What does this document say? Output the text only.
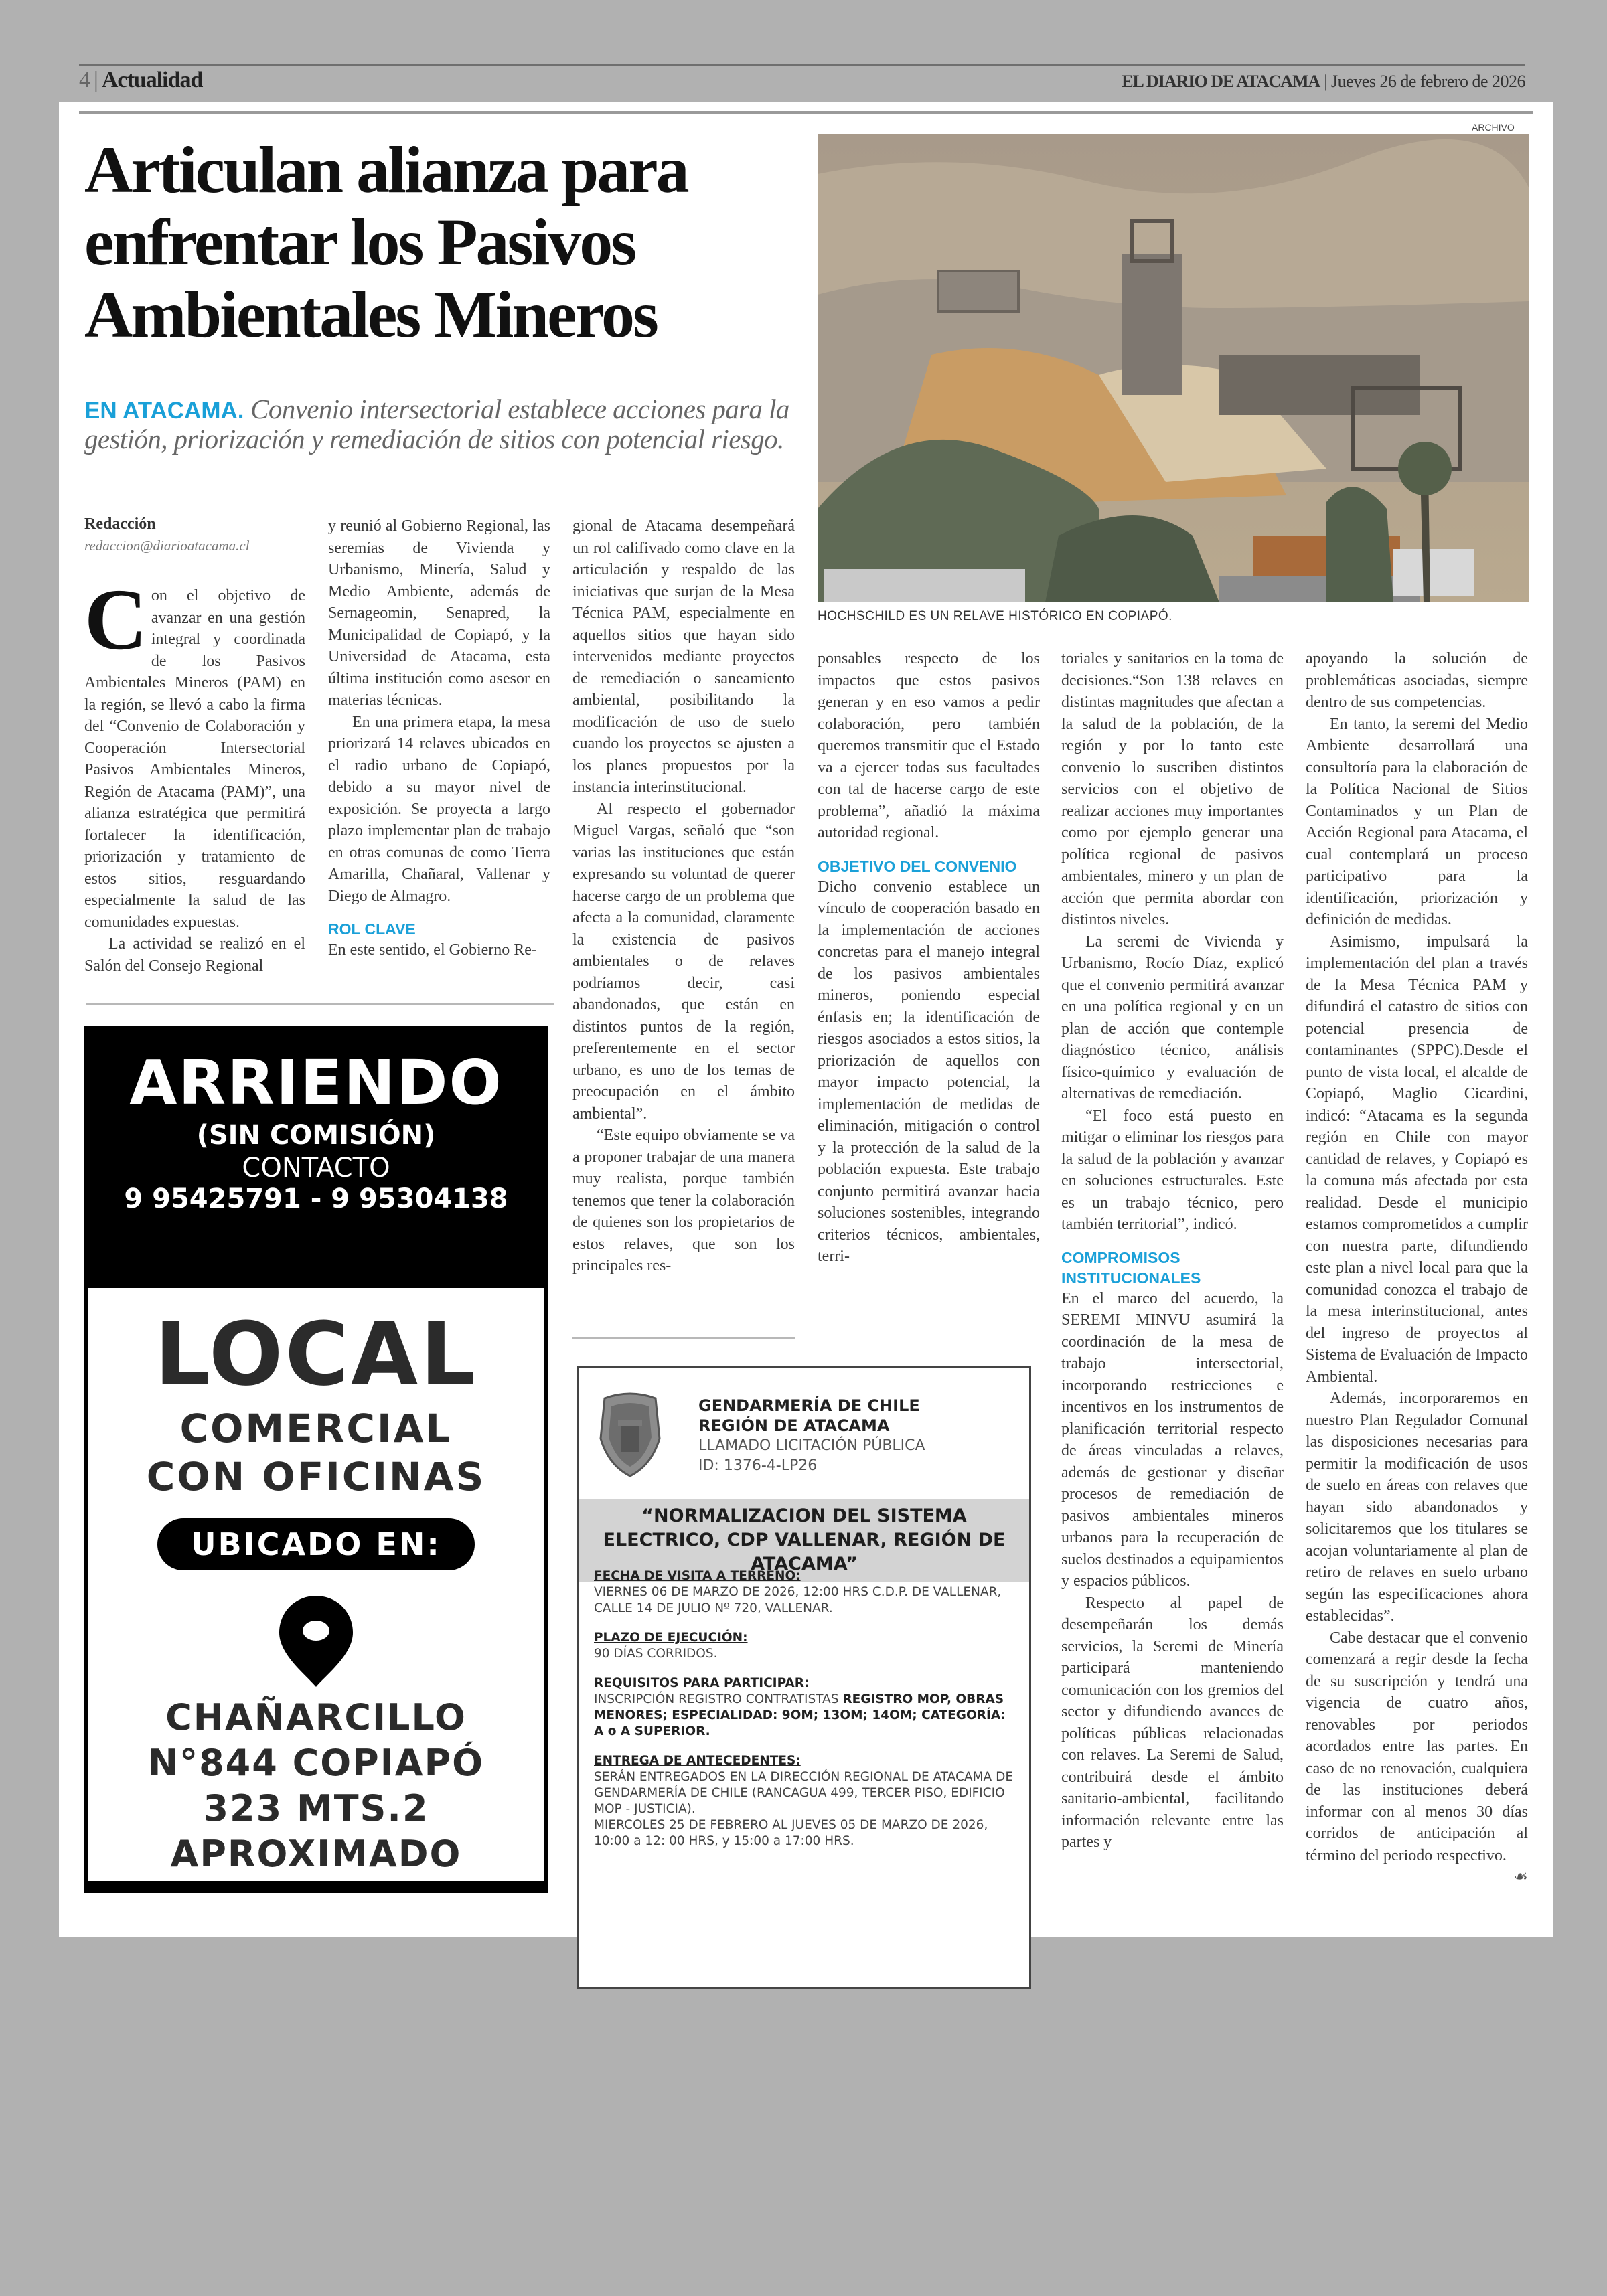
4 | Actualidad	EL DIARIO DE ATACAMA | Jueves 26 de febrero de 2026
Articulan alianza para enfrentar los Pasivos Ambientales Mineros
EN ATACAMA. Convenio intersectorial establece acciones para la gestión, priorización y remediación de sitios con potencial riesgo.
ARCHIVO
HOCHSCHILD ES UN RELAVE HISTÓRICO EN COPIAPÓ.
Redacción
redaccion@diarioatacama.cl

Con el objetivo de avanzar en una gestión integral y coordinada de los Pasivos Ambientales Mineros (PAM) en la región, se llevó a cabo la firma del “Convenio de Colaboración y Cooperación Intersectorial Pasivos Ambientales Mineros, Región de Atacama (PAM)”, una alianza estratégica que permitirá fortalecer la identificación, priorización y tratamiento de estos sitios, resguardando especialmente la salud de las comunidades expuestas.

La actividad se realizó en el Salón del Consejo Regional

y reunió al Gobierno Regional, las seremías de Vivienda y Urbanismo, Minería, Salud y Medio Ambiente, además de Sernageomin, Senapred, la Municipalidad de Copiapó, y la Universidad de Atacama, esta última institución como asesor en materias técnicas.

En una primera etapa, la mesa priorizará 14 relaves ubicados en el radio urbano de Copiapó, debido a su mayor nivel de exposición. Se proyecta a largo plazo implementar plan de trabajo en otras comunas de como Tierra Amarilla, Chañaral, Vallenar y Diego de Almagro.

ROL CLAVE

En este sentido, el Gobierno Re-

gional de Atacama desempeñará un rol califivado como clave en la articulación y respaldo de las iniciativas que surjan de la Mesa Técnica PAM, especialmente en aquellos sitios que hayan sido intervenidos mediante proyectos de remediación o saneamiento ambiental, posibilitando la modificación de uso de suelo cuando los proyectos se ajusten a los planes propuestos por la instancia interinstitucional.

Al respecto el gobernador Miguel Vargas, señaló que “son varias las instituciones que están expresando su voluntad de querer hacerse cargo de un problema que afecta a la comunidad, claramente la existencia de pasivos ambientales o de relaves podríamos decir, casi abandonados, que están en distintos puntos de la región, preferentemente en el sector urbano, es uno de los temas de preocupación en el ámbito ambiental”.

“Este equipo obviamente se va a proponer trabajar de una manera muy realista, porque también tenemos que tener la colaboración de quienes son los propietarios de estos relaves, que son los principales res-

ponsables respecto de los impactos que estos pasivos generan y en eso vamos a pedir colaboración, pero también queremos transmitir que el Estado va a ejercer todas sus facultades con tal de hacerse cargo de este problema”, añadió la máxima autoridad regional.

OBJETIVO DEL CONVENIO

Dicho convenio establece un vínculo de cooperación basado en la implementación de acciones concretas para el manejo integral de los pasivos ambientales mineros, poniendo especial énfasis en; la identificación de riesgos asociados a estos sitios, la priorización de aquellos con mayor impacto potencial, la implementación de medidas de eliminación, mitigación o control y la protección de la salud de la población expuesta. Este trabajo conjunto permitirá avanzar hacia soluciones sostenibles, integrando criterios técnicos, ambientales, terri-

toriales y sanitarios en la toma de decisiones.“Son 138 relaves en distintas magnitudes que afectan a la salud de la población, de la región y por lo tanto este convenio lo suscriben distintos servicios con el objetivo de realizar acciones muy importantes como por ejemplo generar una política regional de pasivos ambientales, minero y un plan de acción que permita abordar con distintos niveles.

La seremi de Vivienda y Urbanismo, Rocío Díaz, explicó que el convenio permitirá avanzar en una política regional y en un plan de acción que contemple diagnóstico técnico, análisis físico-químico y evaluación de alternativas de remediación.

“El foco está puesto en mitigar o eliminar los riesgos para la salud de la población y avanzar en soluciones estructurales. Este es un trabajo técnico, pero también territorial”, indicó.

COMPROMISOS INSTITUCIONALES

En el marco del acuerdo, la SEREMI MINVU asumirá la coordinación de la mesa de trabajo intersectorial, incorporando restricciones e incentivos en los instrumentos de planificación territorial respecto de áreas vinculadas a relaves, además de gestionar y diseñar procesos de remediación de pasivos ambientales mineros urbanos para la recuperación de suelos destinados a equipamientos y espacios públicos.

Respecto al papel de desempeñarán los demás servicios, la Seremi de Minería participará manteniendo comunicación con los gremios del sector y difundiendo avances de políticas públicas relacionadas con relaves. La Seremi de Salud, contribuirá desde el ámbito sanitario-ambiental, facilitando información relevante entre las partes y

apoyando la solución de problemáticas asociadas, siempre dentro de sus competencias.

En tanto, la seremi del Medio Ambiente desarrollará una consultoría para la elaboración de la Política Nacional de Sitios Contaminados y un Plan de Acción Regional para Atacama, el cual contemplará un proceso participativo para la identificación, priorización y definición de medidas.

Asimismo, impulsará la implementación del plan a través de la Mesa Técnica PAM y difundirá el catastro de sitios con potencial presencia de contaminantes (SPPC).Desde el punto de vista local, el alcalde de Copiapó, Maglio Cicardini, indicó: “Atacama es la segunda región en Chile con mayor cantidad de relaves, y Copiapó es la comuna más afectada por esta realidad. Desde el municipio estamos comprometidos a cumplir con nuestra parte, difundiendo este plan a nivel local para que la comunidad conozca el trabajo de la mesa interinstitucional, antes del ingreso de proyectos al Sistema de Evaluación de Impacto Ambiental.

Además, incorporaremos en nuestro Plan Regulador Comunal las disposiciones necesarias para permitir la modificación de usos de suelo en áreas con relaves que hayan sido abandonados y solicitaremos que los titulares se acojan voluntariamente al plan de retiro de relaves en suelo urbano según las especificaciones ahora establecidas”.

Cabe destacar que el convenio comenzará a regir desde la fecha de su suscripción y tendrá una vigencia de cuatro años, renovables por periodos acordados entre las partes. En caso de no renovación, cualquiera de las instituciones deberá informar con al menos 30 días corridos de anticipación al término del periodo respectivo.
☙

ARRIENDO
(SIN COMISIÓN)
CONTACTO
9 95425791 - 9 95304138
LOCAL
COMERCIAL
CON OFICINAS
UBICADO EN:
CHAÑARCILLO
N°844 COPIAPÓ
323 MTS.2
APROXIMADO
GENDARMERÍA DE CHILE
REGIÓN DE ATACAMA
LLAMADO LICITACIÓN PÚBLICA
ID: 1376-4-LP26
“NORMALIZACION DEL SISTEMA ELECTRICO, CDP VALLENAR, REGIÓN DE ATACAMA”
FECHA DE VISITA A TERRENO:
VIERNES 06 DE MARZO DE 2026, 12:00 HRS C.D.P. DE VALLENAR, CALLE 14 DE JULIO Nº 720, VALLENAR.
PLAZO DE EJECUCIÓN:
90 DÍAS CORRIDOS.
REQUISITOS PARA PARTICIPAR:
INSCRIPCIÓN REGISTRO CONTRATISTAS REGISTRO MOP, OBRAS MENORES; ESPECIALIDAD: 9OM; 13OM; 14OM; CATEGORÍA: A o A SUPERIOR.
ENTREGA DE ANTECEDENTES:
SERÁN ENTREGADOS EN LA DIRECCIÓN REGIONAL DE ATACAMA DE GENDARMERÍA DE CHILE (RANCAGUA 499, TERCER PISO, EDIFICIO MOP - JUSTICIA).
MIERCOLES 25 DE FEBRERO AL JUEVES 05 DE MARZO DE 2026, 10:00 a 12: 00 HRS, y 15:00 a 17:00 HRS.
